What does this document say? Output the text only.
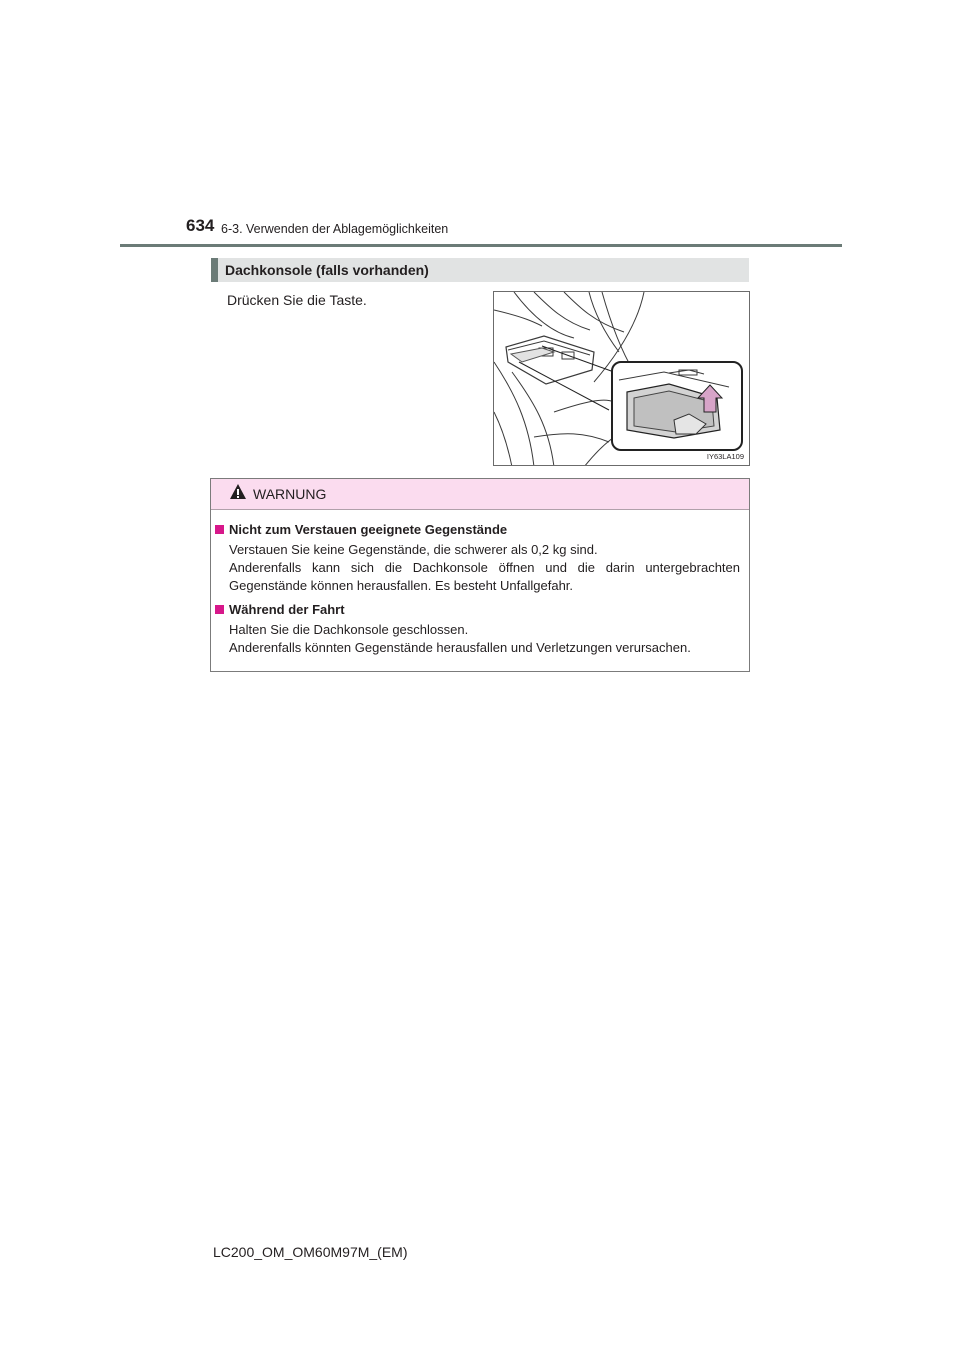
634 6-3. Verwenden der Ablagemöglichkeiten
Dachkonsole (falls vorhanden)
Drücken Sie die Taste.
IY63LA109
WARNUNG
Nicht zum Verstauen geeignete Gegenstände

Verstauen Sie keine Gegenstände, die schwerer als 0,2 kg sind.

Anderenfalls kann sich die Dachkonsole öffnen und die darin untergebrachten Gegenstände können herausfallen. Es besteht Unfallgefahr.

Während der Fahrt

Halten Sie die Dachkonsole geschlossen.

Anderenfalls könnten Gegenstände herausfallen und Verletzungen verursachen.

LC200_OM_OM60M97M_(EM)
